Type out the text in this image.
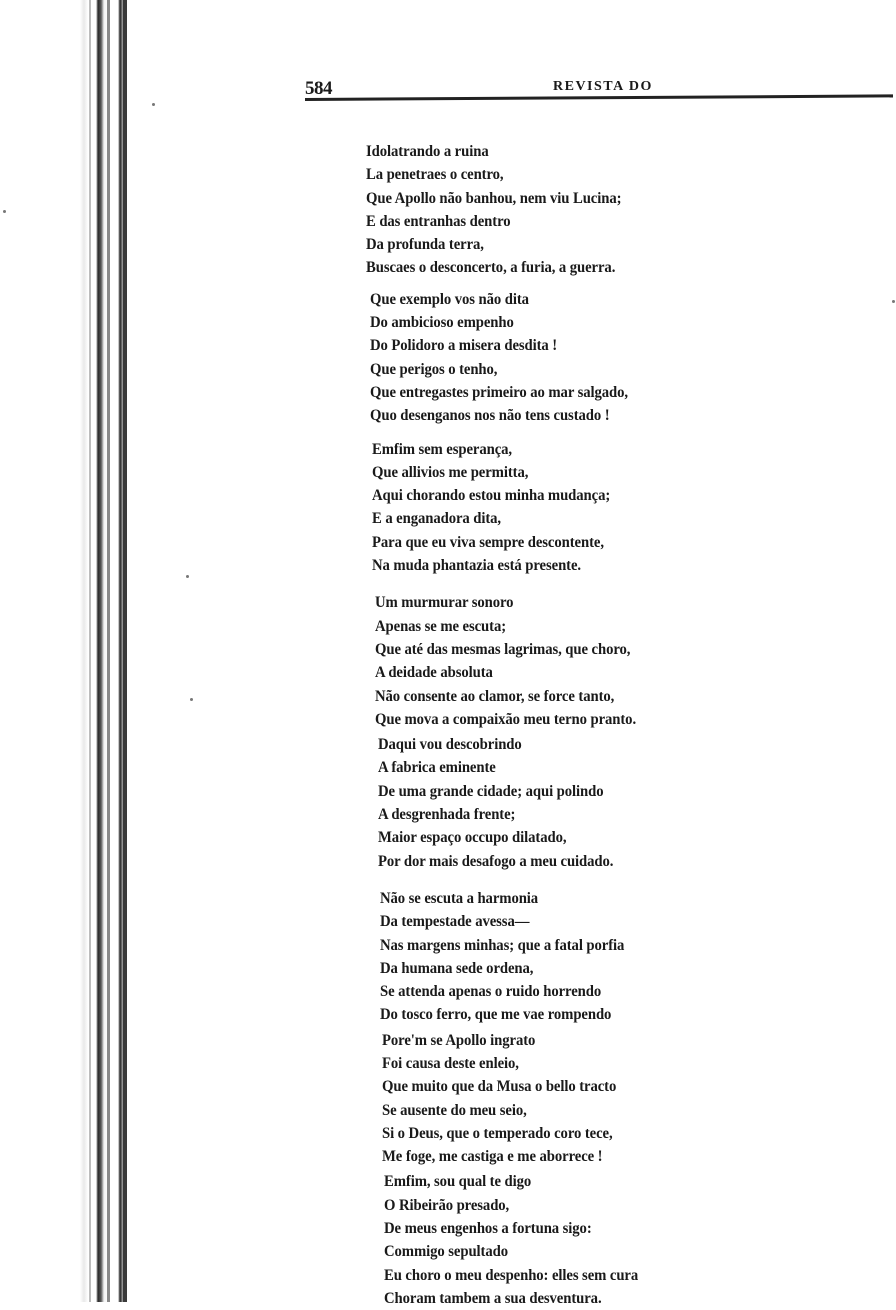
584	REVISTA DO
Idolatrando a ruina
La penetraes o centro,
Que Apollo não banhou, nem viu Lucina;
E das entranhas dentro
Da profunda terra,
Buscaes o desconcerto, a furia, a guerra.
Que exemplo vos não dita
Do ambicioso empenho
Do Polidoro a misera desdita !
Que perigos o tenho,
Que entregastes primeiro ao mar salgado,
Quo desenganos nos não tens custado !
Emfim sem esperança,
Que allivios me permitta,
Aqui chorando estou minha mudança;
E a enganadora dita,
Para que eu viva sempre descontente,
Na muda phantazia está presente.
Um murmurar sonoro
Apenas se me escuta;
Que até das mesmas lagrimas, que choro,
A deidade absoluta
Não consente ao clamor, se force tanto,
Que mova a compaixão meu terno pranto.
Daqui vou descobrindo
A fabrica eminente
De uma grande cidade; aqui polindo
A desgrenhada frente;
Maior espaço occupo dilatado,
Por dor mais desafogo a meu cuidado.
Não se escuta a harmonia
Da tempestade avessa—
Nas margens minhas; que a fatal porfia
Da humana sede ordena,
Se attenda apenas o ruido horrendo
Do tosco ferro, que me vae rompendo
Pore'm se Apollo ingrato
Foi causa deste enleio,
Que muito que da Musa o bello tracto
Se ausente do meu seio,
Si o Deus, que o temperado coro tece,
Me foge, me castiga e me aborrece !
Emfim, sou qual te digo
O Ribeirão presado,
De meus engenhos a fortuna sigo:
Commigo sepultado
Eu choro o meu despenho: elles sem cura
Choram tambem a sua desventura.
